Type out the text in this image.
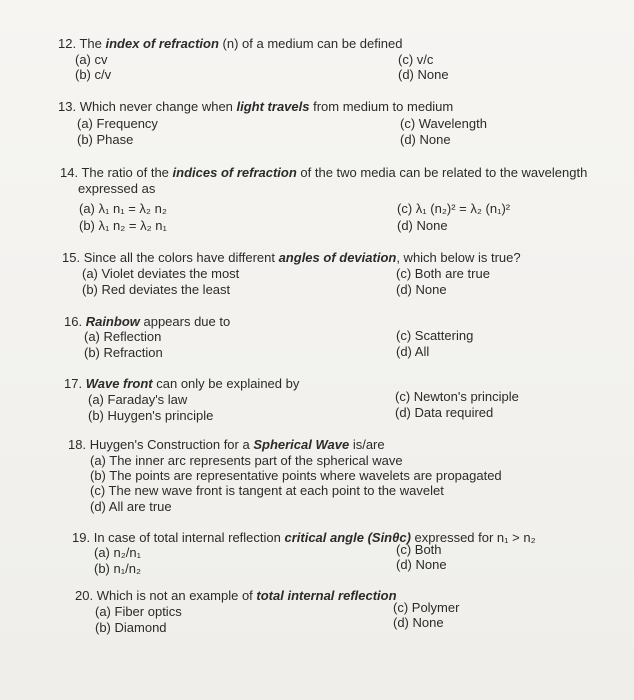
12. The index of refraction (n) of a medium can be defined
(a) cv
(b) c/v
(c) v/c
(d) None
13. Which never change when light travels from medium to medium
(a) Frequency
(b) Phase
(c) Wavelength
(d) None
14. The ratio of the indices of refraction of the two media can be related to the wavelength
expressed as
(a) λ₁ n₁ = λ₂ n₂
(b) λ₁ n₂ = λ₂ n₁
(c) λ₁ (n₂)² = λ₂ (n₁)²
(d) None
15. Since all the colors have different angles of deviation, which below is true?
(a) Violet deviates the most
(b) Red deviates the least
(c) Both are true
(d) None
16. Rainbow appears due to
(a) Reflection
(b) Refraction
(c) Scattering
(d) All
17. Wave front can only be explained by
(a) Faraday's law
(b) Huygen's principle
(c) Newton's principle
(d) Data required
18. Huygen's Construction for a Spherical Wave is/are
(a) The inner arc represents part of the spherical wave
(b) The points are representative points where wavelets are propagated
(c) The new wave front is tangent at each point to the wavelet
(d) All are true
19. In case of total internal reflection critical angle (Sinθc) expressed for n₁ > n₂
(a) n₂/n₁
(b) n₁/n₂
(c) Both
(d) None
20. Which is not an example of total internal reflection
(a) Fiber optics
(b) Diamond
(c) Polymer
(d) None
